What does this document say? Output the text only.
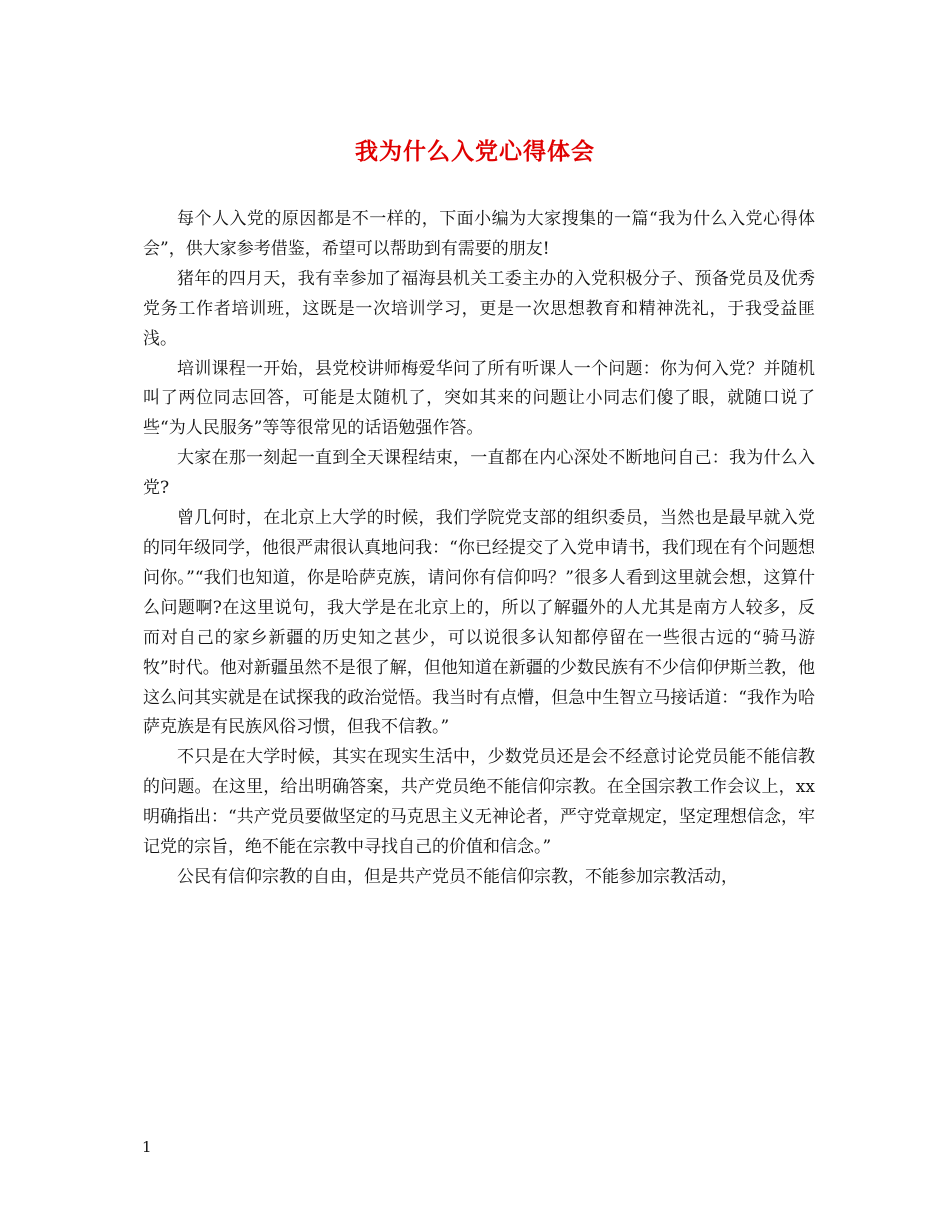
我为什么入党心得体会

每个人入党的原因都是不一样的，下面小编为大家搜集的一篇“我为什么入党心得体会”，供大家参考借鉴，希望可以帮助到有需要的朋友!

猪年的四月天，我有幸参加了福海县机关工委主办的入党积极分子、预备党员及优秀党务工作者培训班，这既是一次培训学习，更是一次思想教育和精神洗礼，于我受益匪浅。

培训课程一开始，县党校讲师梅爱华问了所有听课人一个问题：你为何入党？并随机叫了两位同志回答，可能是太随机了，突如其来的问题让小同志们傻了眼，就随口说了些“为人民服务”等等很常见的话语勉强作答。

大家在那一刻起一直到全天课程结束，一直都在内心深处不断地问自己：我为什么入党?

曾几何时，在北京上大学的时候，我们学院党支部的组织委员，当然也是最早就入党的同年级同学，他很严肃很认真地问我：“你已经提交了入党申请书，我们现在有个问题想问你。”“我们也知道，你是哈萨克族，请问你有信仰吗？”很多人看到这里就会想，这算什么问题啊?在这里说句，我大学是在北京上的，所以了解疆外的人尤其是南方人较多，反而对自己的家乡新疆的历史知之甚少，可以说很多认知都停留在一些很古远的“骑马游牧”时代。他对新疆虽然不是很了解，但他知道在新疆的少数民族有不少信仰伊斯兰教，他这么问其实就是在试探我的政治觉悟。我当时有点懵，但急中生智立马接话道：“我作为哈萨克族是有民族风俗习惯，但我不信教。”

不只是在大学时候，其实在现实生活中，少数党员还是会不经意讨论党员能不能信教的问题。在这里，给出明确答案，共产党员绝不能信仰宗教。在全国宗教工作会议上，xx明确指出：“共产党员要做坚定的马克思主义无神论者，严守党章规定，坚定理想信念，牢记党的宗旨，绝不能在宗教中寻找自己的价值和信念。”

公民有信仰宗教的自由，但是共产党员不能信仰宗教，不能参加宗教活动，

1
